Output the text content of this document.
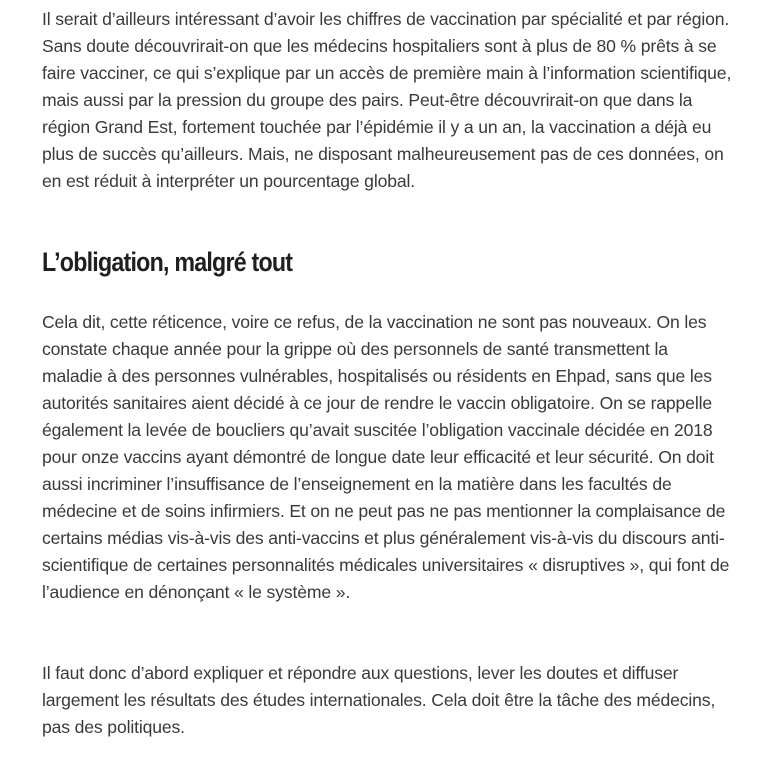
Il serait d’ailleurs intéressant d’avoir les chiffres de vaccination par spécialité et par région. Sans doute découvrirait-on que les médecins hospitaliers sont à plus de 80 % prêts à se faire vacciner, ce qui s’explique par un accès de première main à l’information scientifique, mais aussi par la pression du groupe des pairs. Peut-être découvrirait-on que dans la région Grand Est, fortement touchée par l’épidémie il y a un an, la vaccination a déjà eu plus de succès qu’ailleurs. Mais, ne disposant malheureusement pas de ces données, on en est réduit à interpréter un pourcentage global.

L’obligation, malgré tout

Cela dit, cette réticence, voire ce refus, de la vaccination ne sont pas nouveaux. On les constate chaque année pour la grippe où des personnels de santé transmettent la maladie à des personnes vulnérables, hospitalisés ou résidents en Ehpad, sans que les autorités sanitaires aient décidé à ce jour de rendre le vaccin obligatoire. On se rappelle également la levée de boucliers qu’avait suscitée l’obligation vaccinale décidée en 2018 pour onze vaccins ayant démontré de longue date leur efficacité et leur sécurité. On doit aussi incriminer l’insuffisance de l’enseignement en la matière dans les facultés de médecine et de soins infirmiers. Et on ne peut pas ne pas mentionner la complaisance de certains médias vis-à-vis des anti-vaccins et plus généralement vis-à-vis du discours anti-scientifique de certaines personnalités médicales universitaires « disruptives », qui font de l’audience en dénonçant « le système ».

Il faut donc d’abord expliquer et répondre aux questions, lever les doutes et diffuser largement les résultats des études internationales. Cela doit être la tâche des médecins, pas des politiques.
